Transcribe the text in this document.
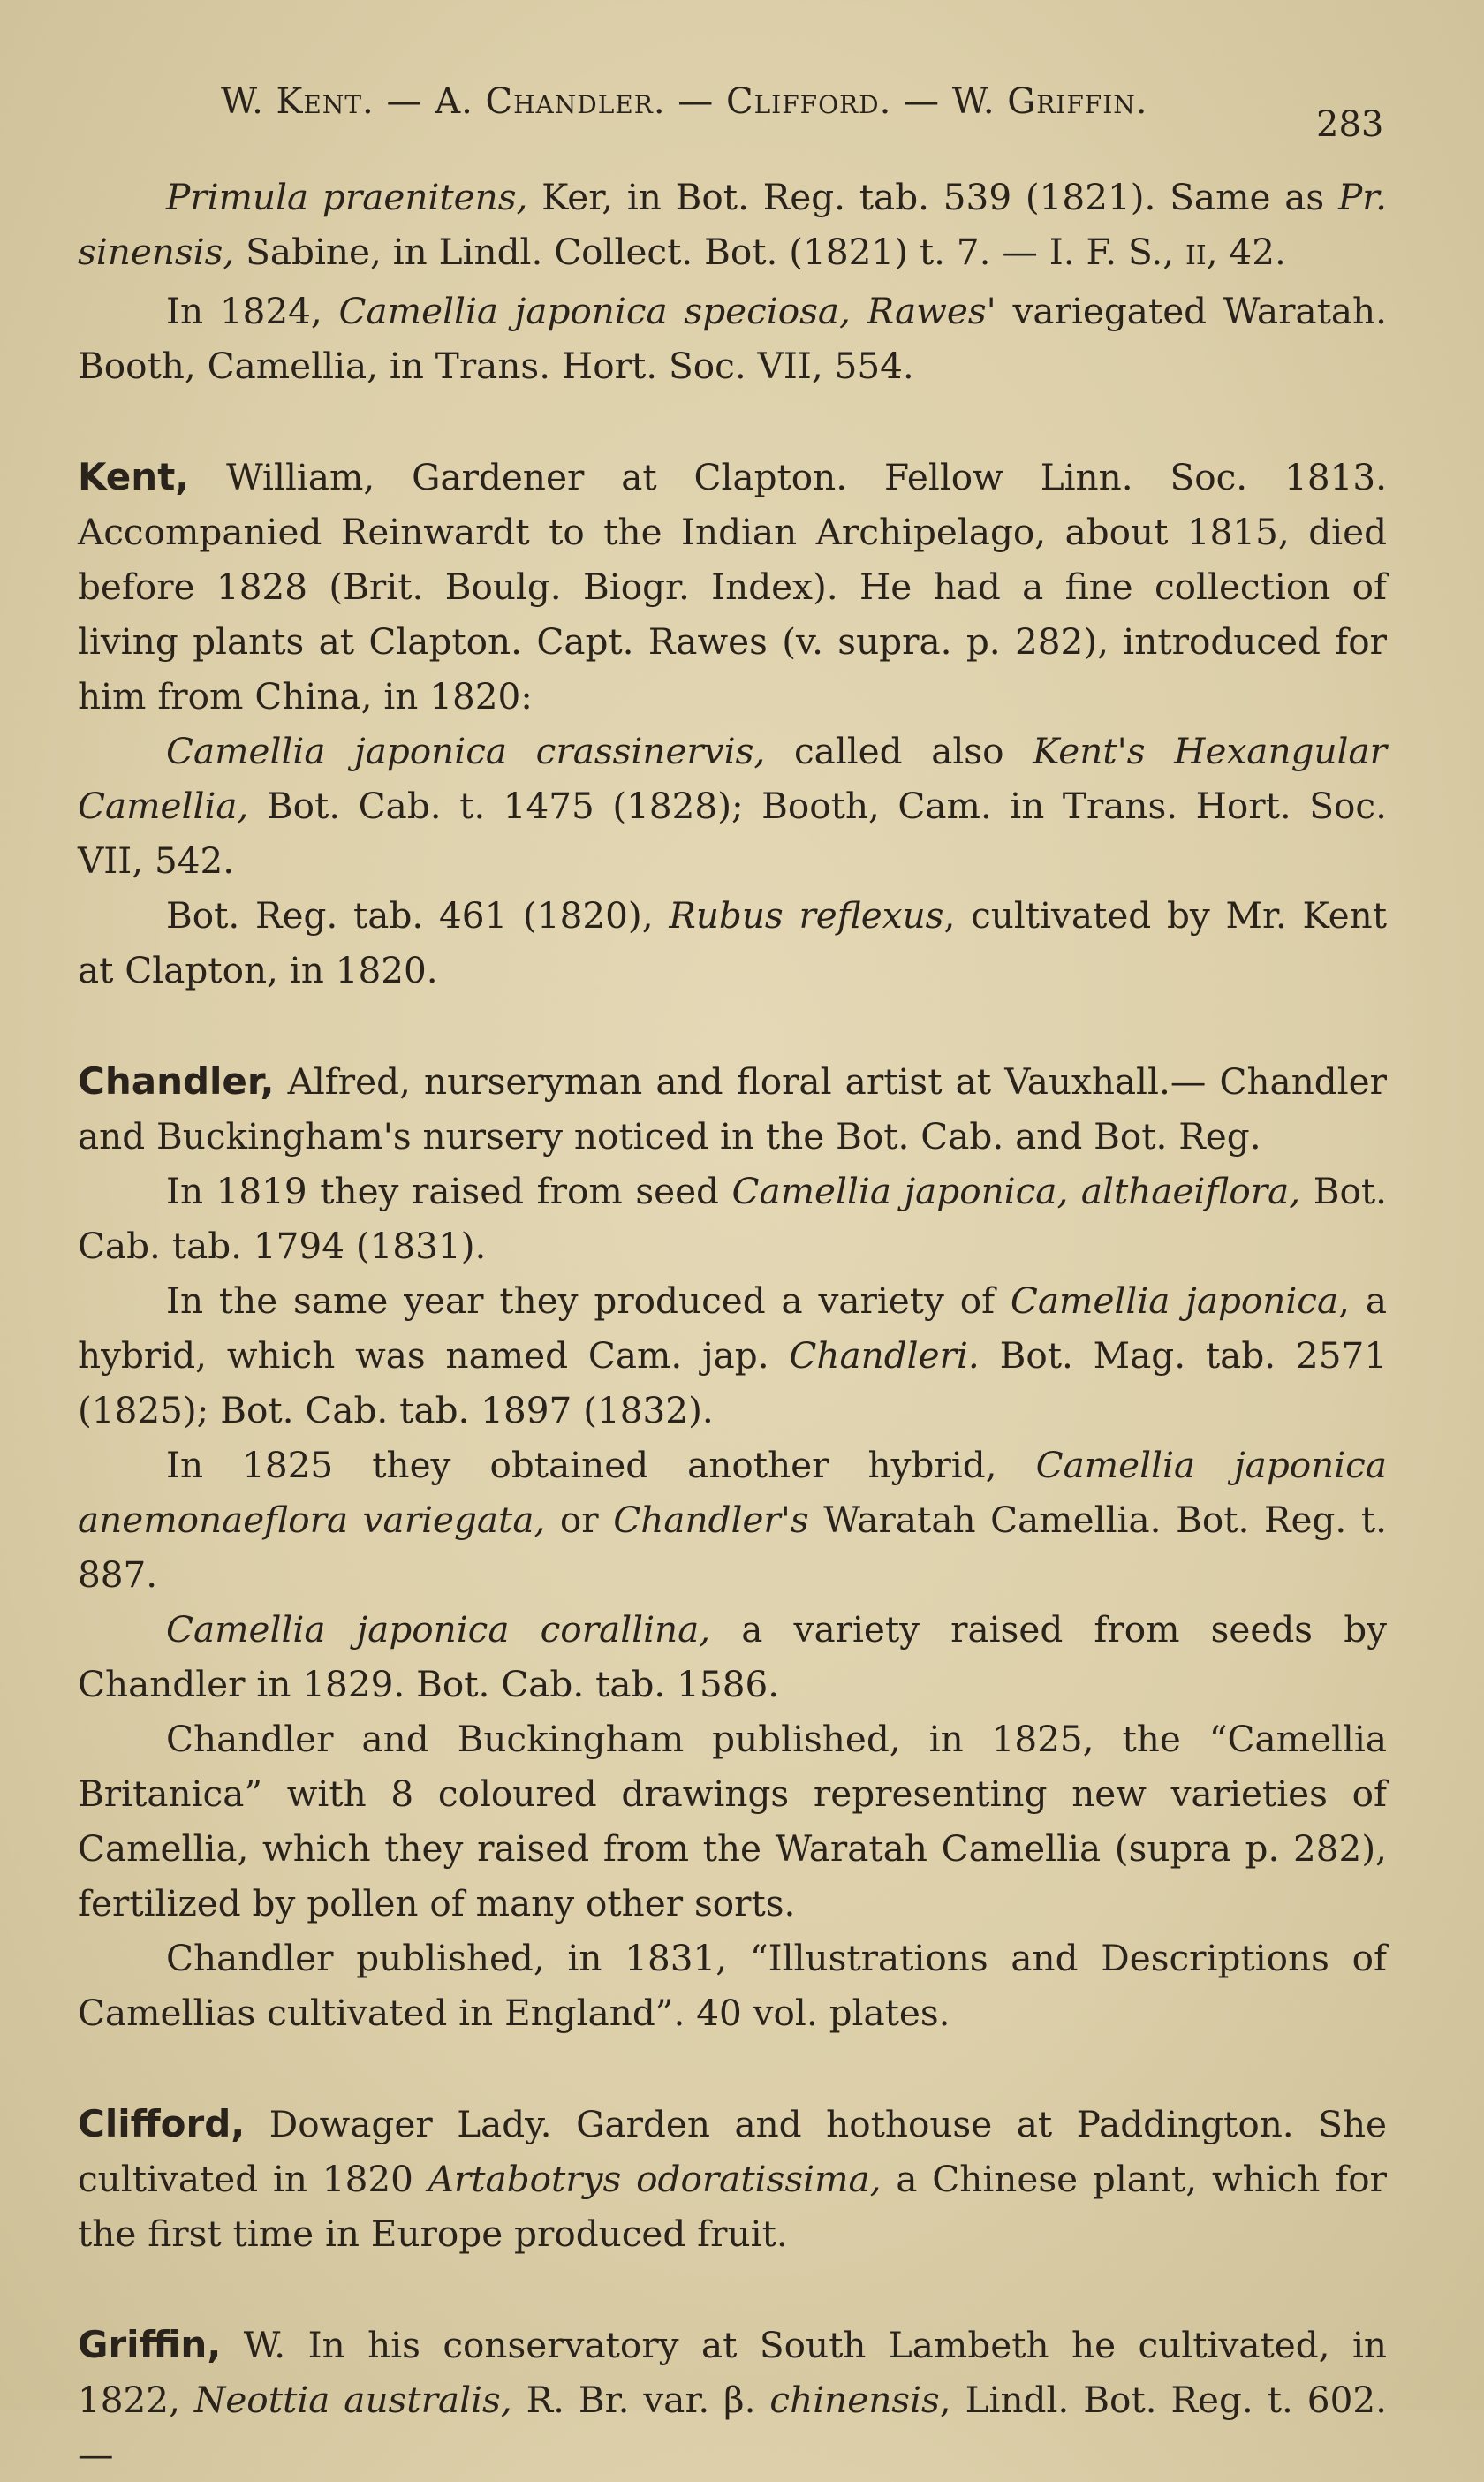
W. Kent. — A. Chandler. — Clifford. — W. Griffin.
283

Primula praenitens, Ker, in Bot. Reg. tab. 539 (1821). Same as Pr. sinensis, Sabine, in Lindl. Collect. Bot. (1821) t. 7. — I. F. S., II, 42.

In 1824, Camellia japonica speciosa, Rawes' variegated Waratah. Booth, Camellia, in Trans. Hort. Soc. VII, 554.

Kent, William, Gardener at Clapton. Fellow Linn. Soc. 1813. Accompanied Reinwardt to the Indian Archipelago, about 1815, died before 1828 (Brit. Boulg. Biogr. Index). He had a fine collection of living plants at Clapton. Capt. Rawes (v. supra. p. 282), introduced for him from China, in 1820:

Camellia japonica crassinervis, called also Kent's Hexangular Camellia, Bot. Cab. t. 1475 (1828); Booth, Cam. in Trans. Hort. Soc. VII, 542.

Bot. Reg. tab. 461 (1820), Rubus reflexus, cultivated by Mr. Kent at Clapton, in 1820.

Chandler, Alfred, nurseryman and floral artist at Vauxhall.— Chandler and Buckingham's nursery noticed in the Bot. Cab. and Bot. Reg.

In 1819 they raised from seed Camellia japonica, althaeiflora, Bot. Cab. tab. 1794 (1831).

In the same year they produced a variety of Camellia japonica, a hybrid, which was named Cam. jap. Chandleri. Bot. Mag. tab. 2571 (1825); Bot. Cab. tab. 1897 (1832).

In 1825 they obtained another hybrid, Camellia japonica anemonaeflora variegata, or Chandler's Waratah Camellia. Bot. Reg. t. 887.

Camellia japonica corallina, a variety raised from seeds by Chandler in 1829. Bot. Cab. tab. 1586.

Chandler and Buckingham published, in 1825, the “Camellia Britanica” with 8 coloured drawings representing new varieties of Camellia, which they raised from the Waratah Camellia (supra p. 282), fertilized by pollen of many other sorts.

Chandler published, in 1831, “Illustrations and Descriptions of Camellias cultivated in England”. 40 vol. plates.

Clifford, Dowager Lady. Garden and hothouse at Paddington. She cultivated in 1820 Artabotrys odoratissima, a Chinese plant, which for the first time in Europe produced fruit.

Griffin, W. In his conservatory at South Lambeth he cultivated, in 1822, Neottia australis, R. Br. var. β. chinensis, Lindl. Bot. Reg. t. 602.—
